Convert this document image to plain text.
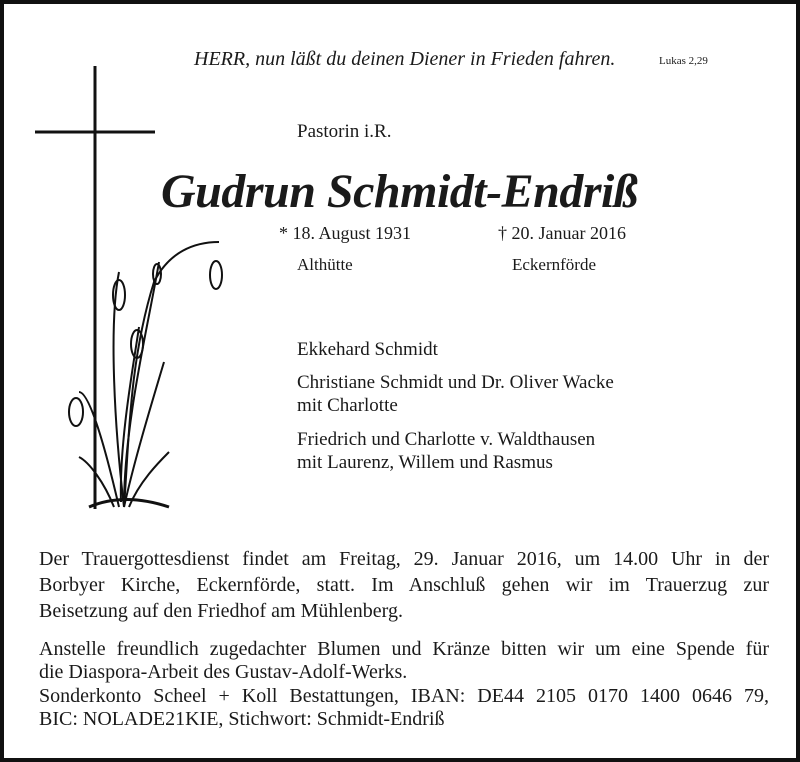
HERR, nun läßt du deinen Diener in Frieden fahren.	Lukas 2,29
Pastorin i.R.
Gudrun Schmidt-Endriß
* 18. August 1931	† 20. Januar 2016
Althütte	Eckernförde
Ekkehard Schmidt
Christiane Schmidt und Dr. Oliver Wacke
mit Charlotte
Friedrich und Charlotte v. Waldthausen
mit Laurenz, Willem und Rasmus
Der Trauergottesdienst findet am Freitag, 29. Januar 2016, um 14.00 Uhr in der
Borbyer Kirche, Eckernförde, statt. Im Anschluß gehen wir im Trauerzug zur
Beisetzung auf den Friedhof am Mühlenberg.
Anstelle freundlich zugedachter Blumen und Kränze bitten wir um eine Spende für
die Diaspora-Arbeit des Gustav-Adolf-Werks.
Sonderkonto Scheel + Koll Bestattungen, IBAN: DE44 2105 0170 1400 0646 79,
BIC: NOLADE21KIE, Stichwort: Schmidt-Endriß
